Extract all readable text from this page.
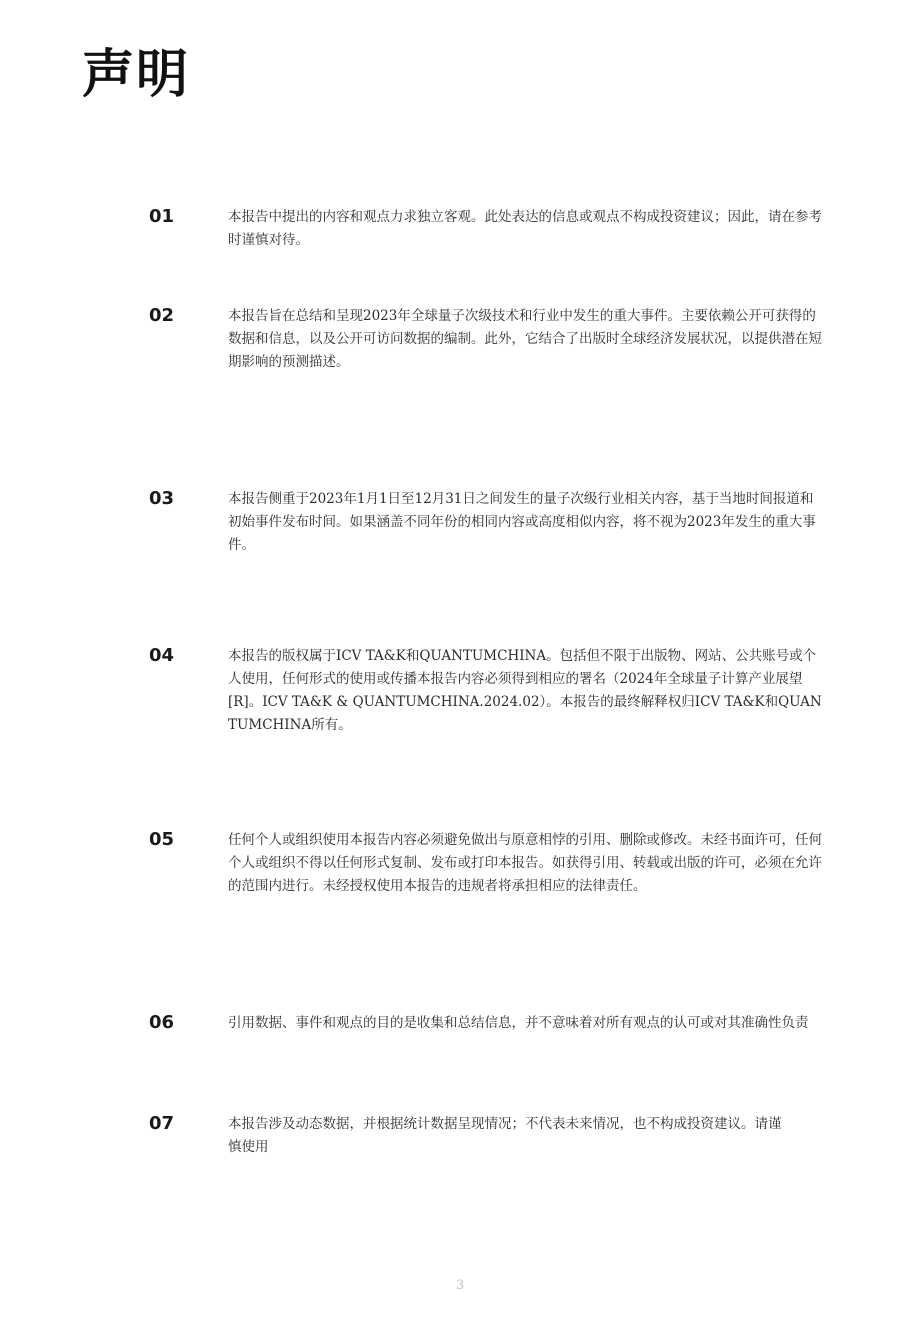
声明
01	本报告中提出的内容和观点力求独立客观。此处表达的信息或观点不构成投资建议；因此，请在参考时谨慎对待。

02	本报告旨在总结和呈现2023年全球量子次级技术和行业中发生的重大事件。主要依赖公开可获得的数据和信息，以及公开可访问数据的编制。此外，它结合了出版时全球经济发展状况，以提供潜在短期影响的预测描述。

03	本报告侧重于2023年1月1日至12月31日之间发生的量子次级行业相关内容，基于当地时间报道和初始事件发布时间。如果涵盖不同年份的相同内容或高度相似内容，将不视为2023年发生的重大事件。

04	本报告的版权属于ICV TA&K和QUANTUMCHINA。包括但不限于出版物、网站、公共账号或个人使用，任何形式的使用或传播本报告内容必须得到相应的署名（2024年全球量子计算产业展望[R]。ICV TA&K & QUANTUMCHINA.2024.02）。本报告的最终解释权归ICV TA&K和QUANTUMCHINA所有。

05	任何个人或组织使用本报告内容必须避免做出与原意相悖的引用、删除或修改。未经书面许可，任何个人或组织不得以任何形式复制、发布或打印本报告。如获得引用、转载或出版的许可，必须在允许的范围内进行。未经授权使用本报告的违规者将承担相应的法律责任。

06	引用数据、事件和观点的目的是收集和总结信息，并不意味着对所有观点的认可或对其准确性负责

07	本报告涉及动态数据，并根据统计数据呈现情况；不代表未来情况，也不构成投资建议。请谨慎使用

3
